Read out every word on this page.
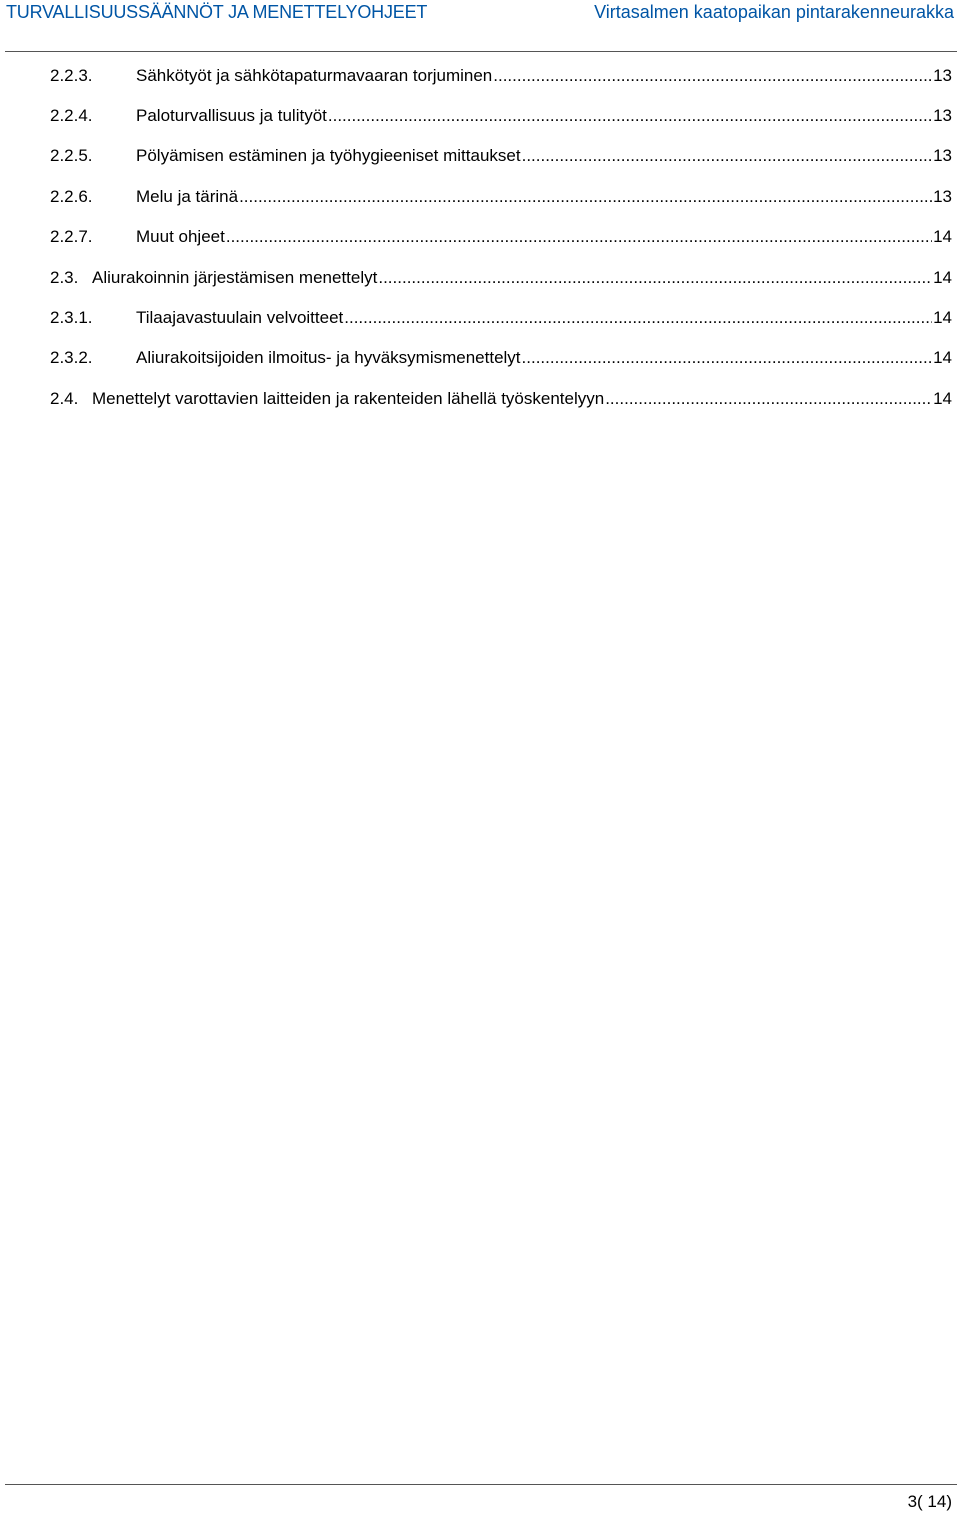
TURVALLISUUSSÄÄNNÖT JA MENETTELYOHJEET	Virtasalmen kaatopaikan pintarakenneurakka
2.2.3.	Sähkötyöt ja sähkötapaturmavaaran torjuminen .....	13
2.2.4.	Paloturvallisuus ja tulityöt .....	13
2.2.5.	Pölyämisen estäminen ja työhygieeniset mittaukset .....	13
2.2.6.	Melu ja tärinä .....	13
2.2.7.	Muut ohjeet .....	14
2.3. Aliurakoinnin järjestämisen menettelyt .....	14
2.3.1.	Tilaajavastuulain velvoitteet .....	14
2.3.2.	Aliurakoitsijoiden ilmoitus- ja hyväksymismenettelyt .....	14
2.4. Menettelyt varottavien laitteiden ja rakenteiden lähellä työskentelyyn .....	14
3( 14)
